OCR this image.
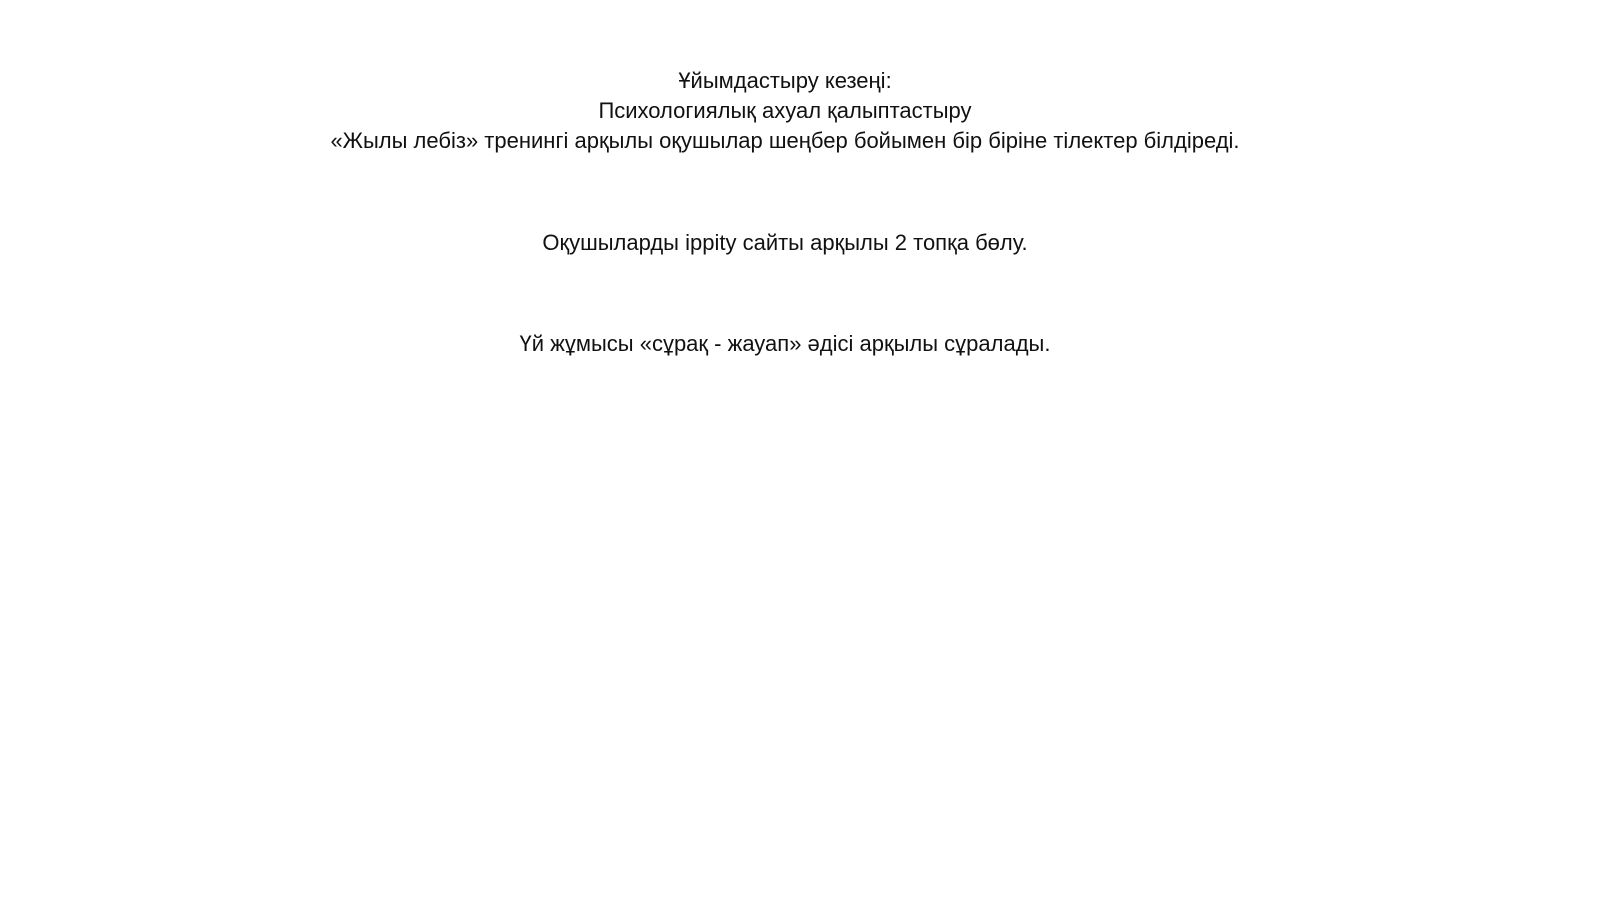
Ұйымдастыру кезеңі:
Психологиялық ахуал қалыптастыру
«Жылы лебіз» тренингі арқылы оқушылар шеңбер бойымен бір біріне тілектер білдіреді.
Оқушыларды ippity сайты арқылы 2 топқа бөлу.
Үй жұмысы «сұрақ - жауап» әдісі арқылы сұралады.
